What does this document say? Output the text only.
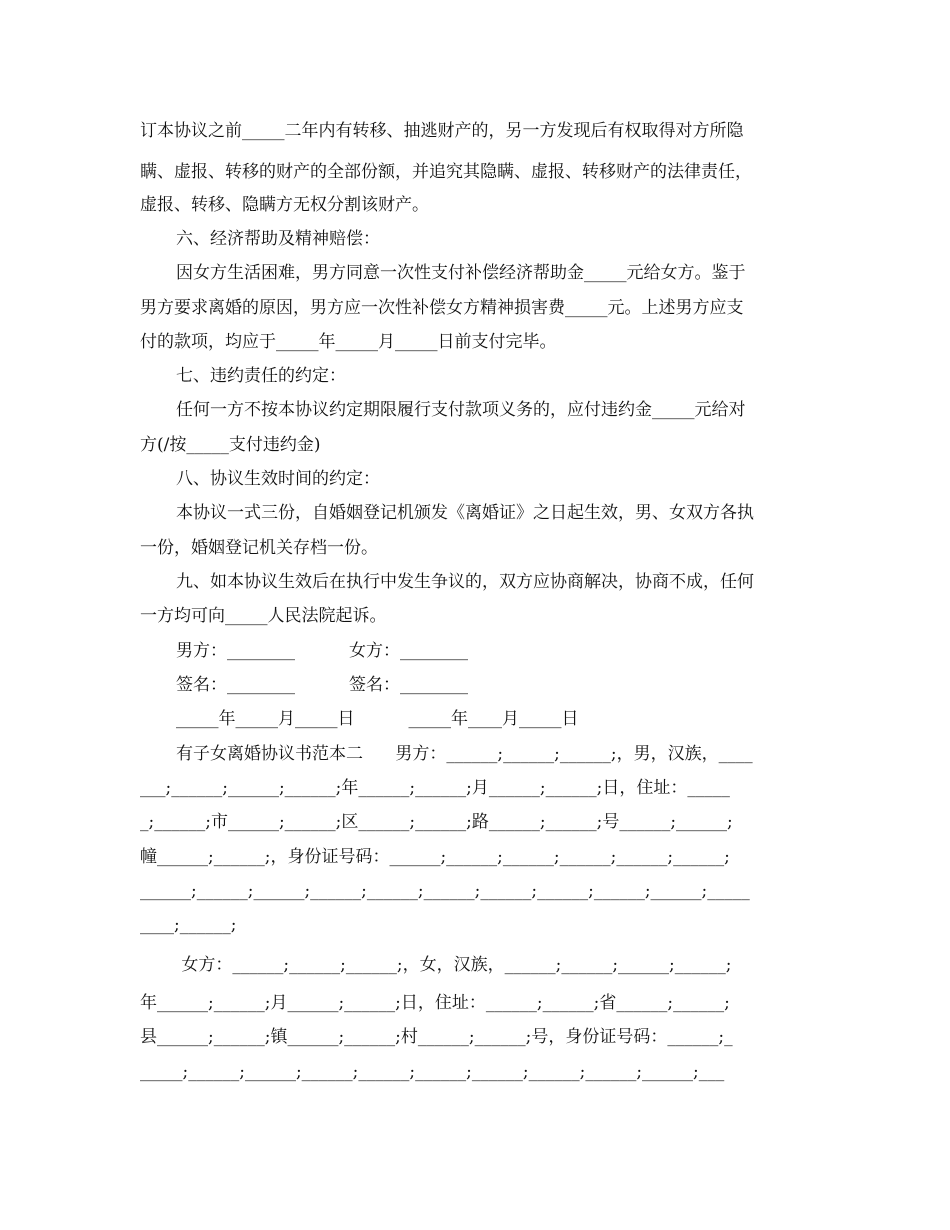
订本协议之前_____二年内有转移、抽逃财产的，另一方发现后有权取得对方所隐
瞒、虚报、转移的财产的全部份额，并追究其隐瞒、虚报、转移财产的法律责任，
虚报、转移、隐瞒方无权分割该财产。
六、经济帮助及精神赔偿：
因女方生活困难，男方同意一次性支付补偿经济帮助金_____元给女方。鉴于
男方要求离婚的原因，男方应一次性补偿女方精神损害费_____元。上述男方应支
付的款项，均应于_____年_____月_____日前支付完毕。
七、违约责任的约定：
任何一方不按本协议约定期限履行支付款项义务的，应付违约金_____元给对
方(/按_____支付违约金)
八、协议生效时间的约定：
本协议一式三份，自婚姻登记机颁发《离婚证》之日起生效，男、女双方各执
一份，婚姻登记机关存档一份。
九、如本协议生效后在执行中发生争议的，双方应协商解决，协商不成，任何
一方均可向_____人民法院起诉。
男方：________          女方：________
签名：________          签名：________
_____年_____月_____日          _____年____月_____日
有子女离婚协议书范本二      男方：______;______;______;，男，汉族，____
___;______;______;______;年______;______;月______;______;日，住址：_____
_;______;市______;______;区______;______;路______;______;号______;______;
幢______;______;，身份证号码：______;______;______;______;______;______;
______;______;______;______;______;______;______;______;______;______;_____
____;______;
女方：______;______;______;，女，汉族，______;______;______;______;
年______;______;月______;______;日，住址：______;______;省______;______;
县______;______;镇______;______;村______;______;号，身份证号码：______;_
_____;______;______;______;______;______;______;______;______;______;___
